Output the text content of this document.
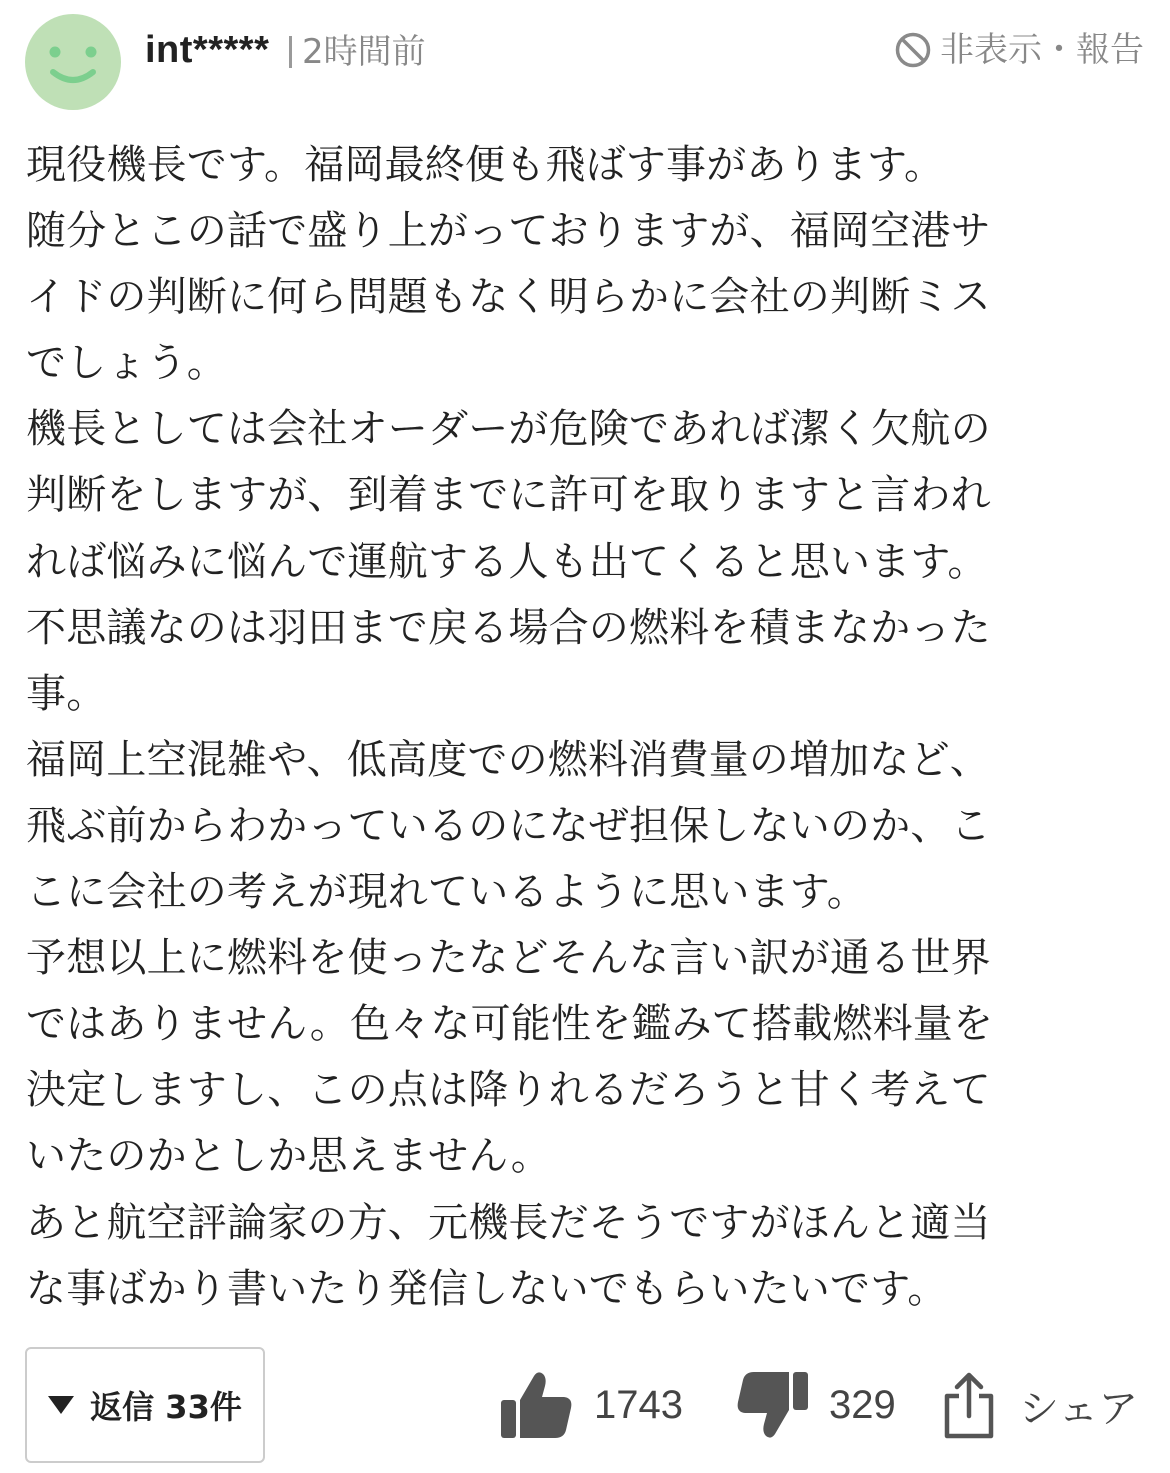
int***** 2時間前	非表示・報告
現役機長です。福岡最終便も飛ばす事があります。
随分とこの話で盛り上がっておりますが、福岡空港サ
イドの判断に何ら問題もなく明らかに会社の判断ミス
でしょう。
機長としては会社オーダーが危険であれば潔く欠航の
判断をしますが、到着までに許可を取りますと言われ
れば悩みに悩んで運航する人も出てくると思います。
不思議なのは羽田まで戻る場合の燃料を積まなかった
事。
福岡上空混雑や、低高度での燃料消費量の増加など、
飛ぶ前からわかっているのになぜ担保しないのか、こ
こに会社の考えが現れているように思います。
予想以上に燃料を使ったなどそんな言い訳が通る世界
ではありません。色々な可能性を鑑みて搭載燃料量を
決定しますし、この点は降りれるだろうと甘く考えて
いたのかとしか思えません。
あと航空評論家の方、元機長だそうですがほんと適当
な事ばかり書いたり発信しないでもらいたいです。
返信 33件	1743	329	シェア
